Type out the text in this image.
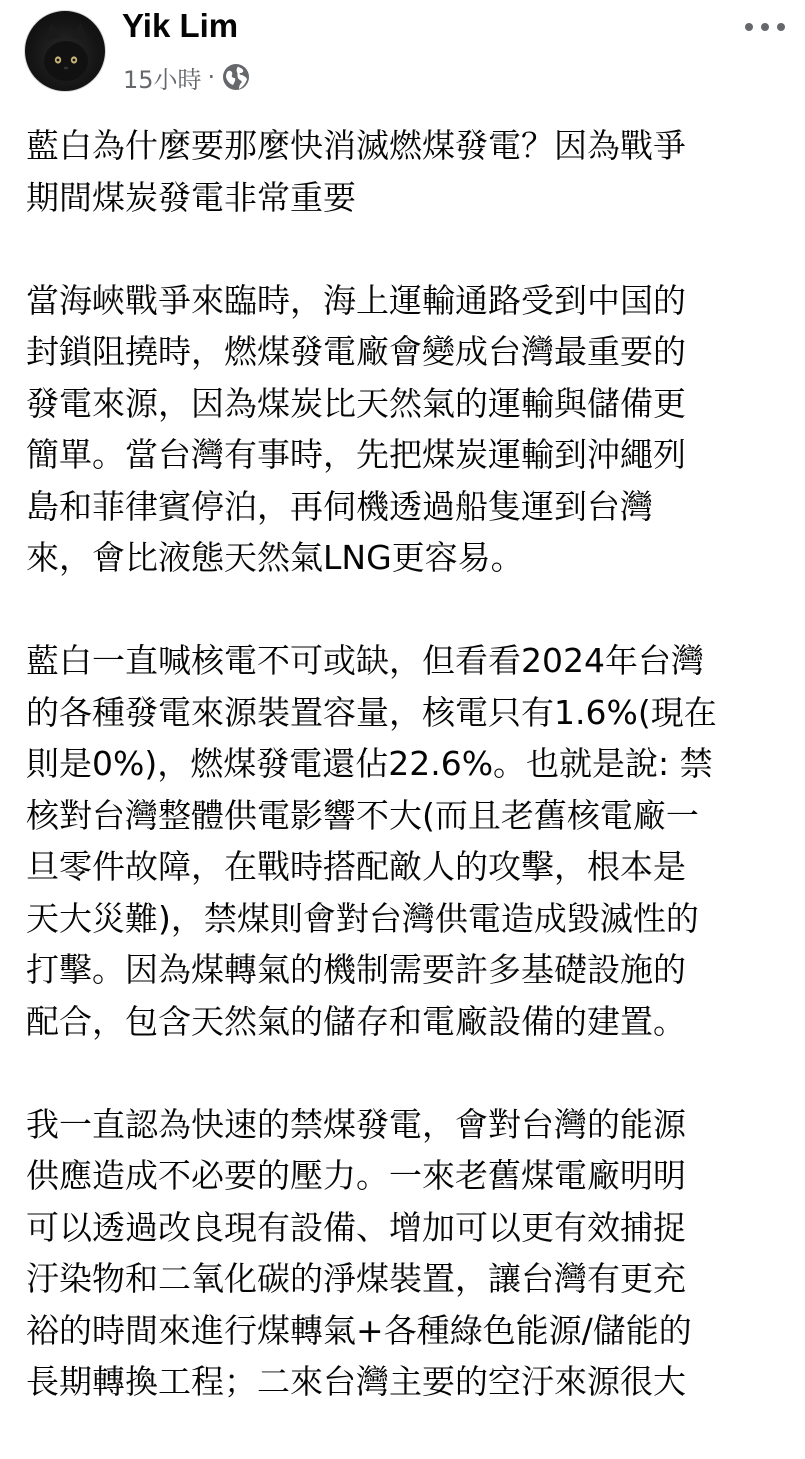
Yik Lim
15小時 ·
藍白為什麼要那麼快消滅燃煤發電？因為戰爭
期間煤炭發電非常重要
當海峽戰爭來臨時，海上運輸通路受到中国的
封鎖阻撓時，燃煤發電廠會變成台灣最重要的
發電來源，因為煤炭比天然氣的運輸與儲備更
簡單。當台灣有事時，先把煤炭運輸到沖繩列
島和菲律賓停泊，再伺機透過船隻運到台灣
來，會比液態天然氣LNG更容易。
藍白一直喊核電不可或缺，但看看2024年台灣
的各種發電來源裝置容量，核電只有1.6%(現在
則是0%)，燃煤發電還佔22.6%。也就是說: 禁
核對台灣整體供電影響不大(而且老舊核電廠一
旦零件故障，在戰時搭配敵人的攻擊，根本是
天大災難)，禁煤則會對台灣供電造成毀滅性的
打擊。因為煤轉氣的機制需要許多基礎設施的
配合，包含天然氣的儲存和電廠設備的建置。
我一直認為快速的禁煤發電，會對台灣的能源
供應造成不必要的壓力。一來老舊煤電廠明明
可以透過改良現有設備、增加可以更有效捕捉
汙染物和二氧化碳的淨煤裝置，讓台灣有更充
裕的時間來進行煤轉氣+各種綠色能源/儲能的
長期轉換工程；二來台灣主要的空汙來源很大
